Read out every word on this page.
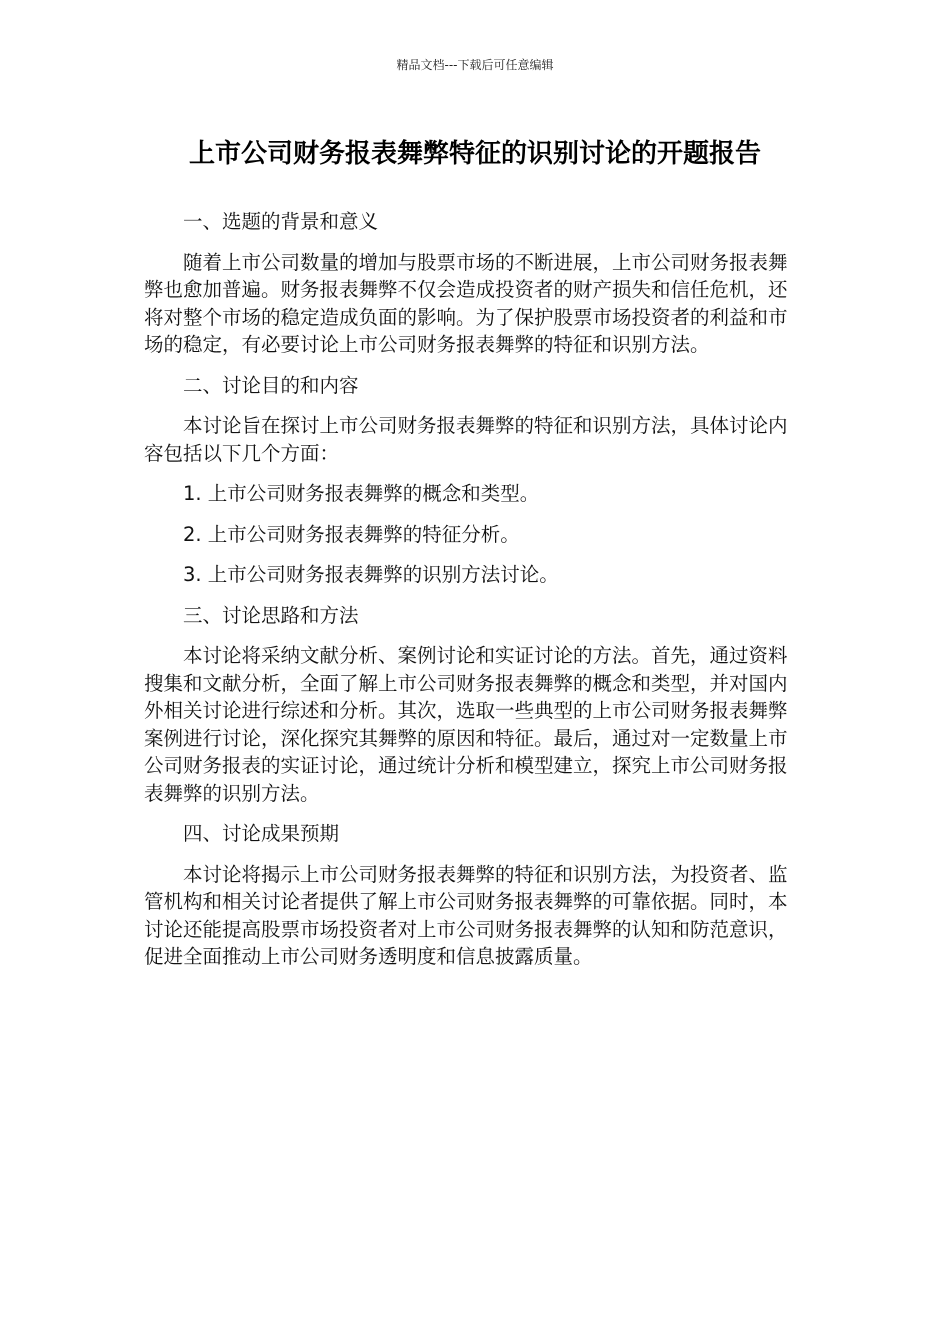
精品文档---下载后可任意编辑
上市公司财务报表舞弊特征的识别讨论的开题报告

一、选题的背景和意义

随着上市公司数量的增加与股票市场的不断进展，上市公司财务报表舞弊也愈加普遍。财务报表舞弊不仅会造成投资者的财产损失和信任危机，还将对整个市场的稳定造成负面的影响。为了保护股票市场投资者的利益和市场的稳定，有必要讨论上市公司财务报表舞弊的特征和识别方法。

二、讨论目的和内容

本讨论旨在探讨上市公司财务报表舞弊的特征和识别方法，具体讨论内容包括以下几个方面：

1. 上市公司财务报表舞弊的概念和类型。

2. 上市公司财务报表舞弊的特征分析。

3. 上市公司财务报表舞弊的识别方法讨论。

三、讨论思路和方法

本讨论将采纳文献分析、案例讨论和实证讨论的方法。首先，通过资料搜集和文献分析，全面了解上市公司财务报表舞弊的概念和类型，并对国内外相关讨论进行综述和分析。其次，选取一些典型的上市公司财务报表舞弊案例进行讨论，深化探究其舞弊的原因和特征。最后，通过对一定数量上市公司财务报表的实证讨论，通过统计分析和模型建立，探究上市公司财务报表舞弊的识别方法。

四、讨论成果预期

本讨论将揭示上市公司财务报表舞弊的特征和识别方法，为投资者、监管机构和相关讨论者提供了解上市公司财务报表舞弊的可靠依据。同时，本讨论还能提高股票市场投资者对上市公司财务报表舞弊的认知和防范意识，促进全面推动上市公司财务透明度和信息披露质量。
